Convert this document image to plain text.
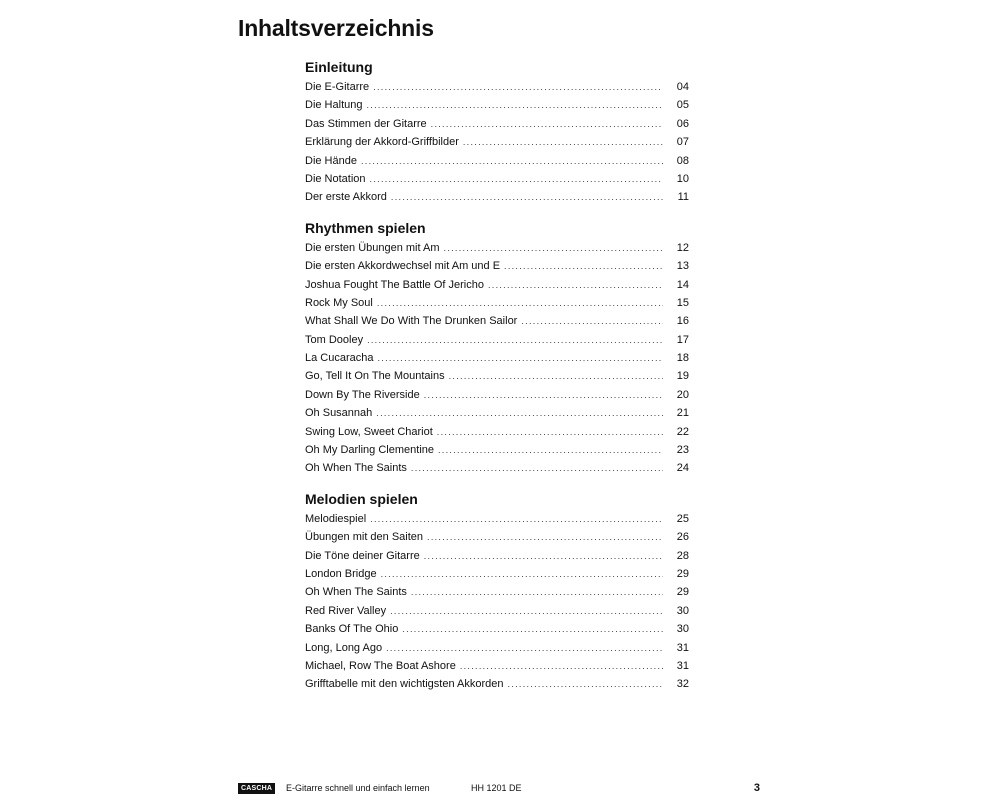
Inhaltsverzeichnis
Einleitung
Die E-Gitarre . . .	04
Die Haltung . . .	05
Das Stimmen der Gitarre . . .	06
Erklärung der Akkord-Griffbilder . . .	07
Die Hände . . .	08
Die Notation . . .	10
Der erste Akkord . . .	11
Rhythmen spielen
Die ersten Übungen mit Am . . .	12
Die ersten Akkordwechsel mit Am und E . . .	13
Joshua Fought The Battle Of Jericho . . .	14
Rock My Soul . . .	15
What Shall We Do With The Drunken Sailor . . .	16
Tom Dooley . . .	17
La Cucaracha . . .	18
Go, Tell It On The Mountains . . .	19
Down By The Riverside . . .	20
Oh Susannah . . .	21
Swing Low, Sweet Chariot . . .	22
Oh My Darling Clementine . . .	23
Oh When The Saints . . .	24
Melodien spielen
Melodiespiel . . .	25
Übungen mit den Saiten . . .	26
Die Töne deiner Gitarre . . .	28
London Bridge . . .	29
Oh When The Saints . . .	29
Red River Valley . . .	30
Banks Of The Ohio . . .	30
Long, Long Ago . . .	31
Michael, Row The Boat Ashore . . .	31
Grifftabelle mit den wichtigsten Akkorden . . .	32
CASCHA	E-Gitarre schnell und einfach lernen	HH 1201 DE	3
